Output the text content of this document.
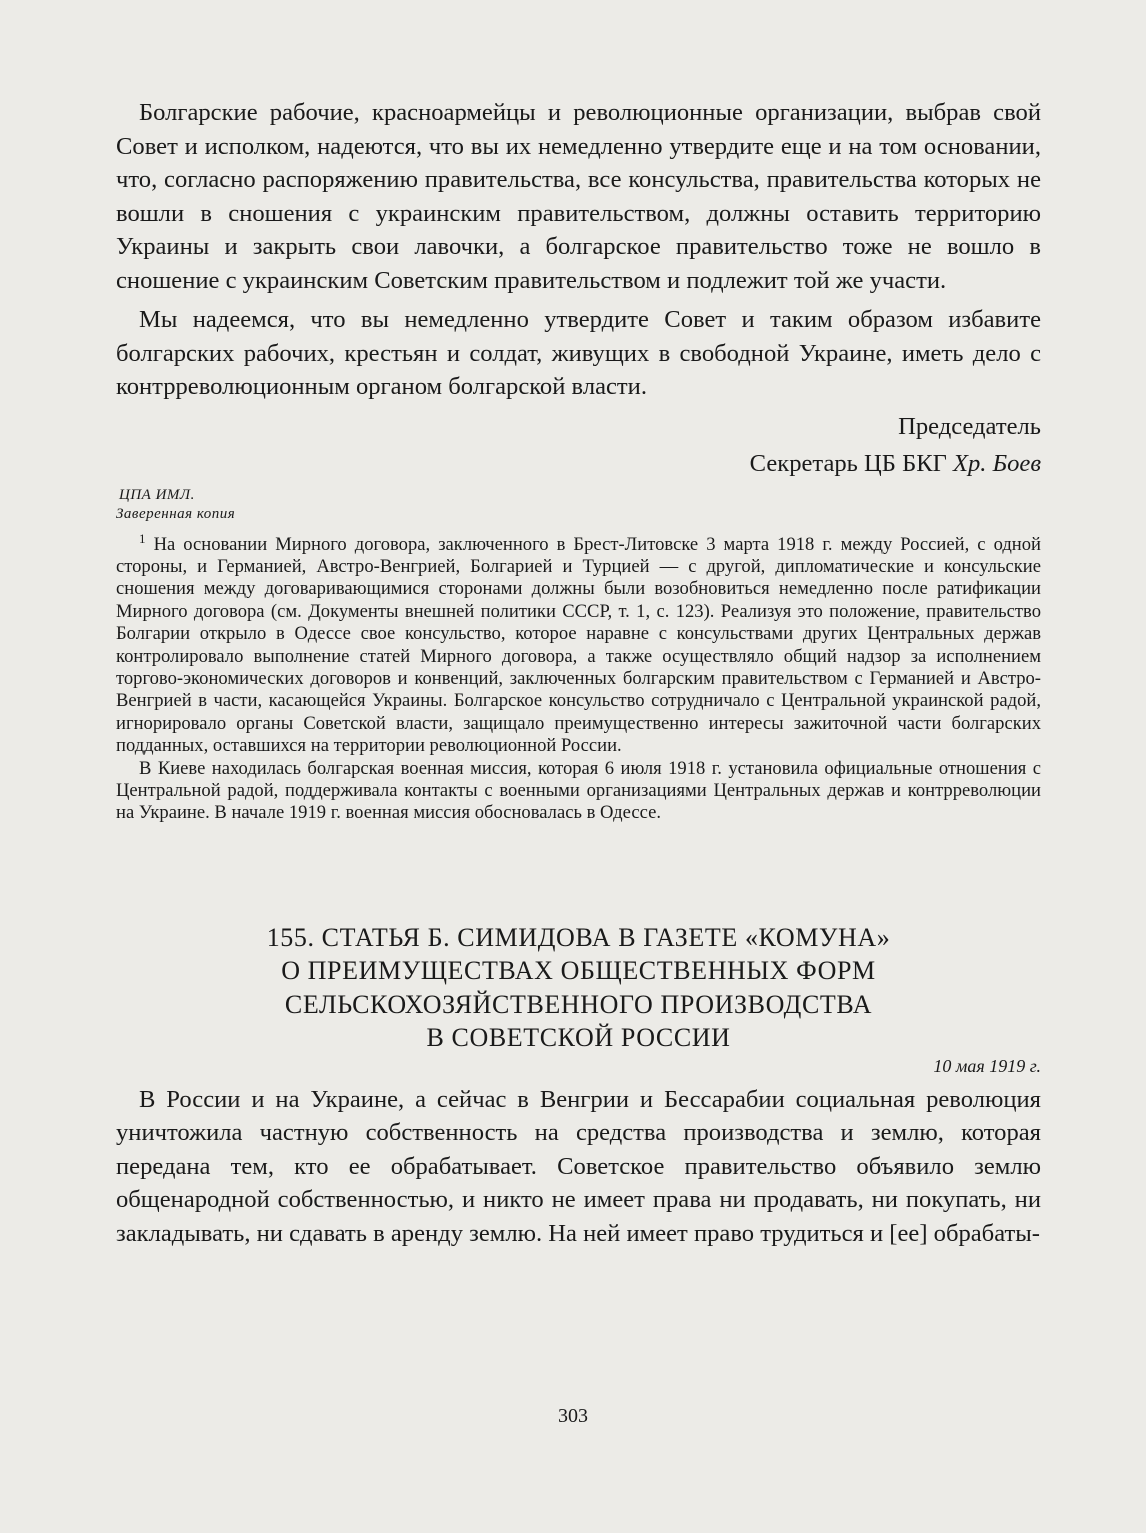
Болгарские рабочие, красноармейцы и революционные организации, выбрав свой Совет и исполком, надеются, что вы их немедленно утвердите еще и на том основании, что, согласно распоряжению правительства, все консульства, правительства которых не вошли в сношения с украинским правительством, должны оставить территорию Украины и закрыть свои лавочки, а болгарское правительство тоже не вошло в сношение с украинским Советским правительством и подлежит той же участи.

Мы надеемся, что вы немедленно утвердите Совет и таким образом избавите болгарских рабочих, крестьян и солдат, живущих в свободной Украине, иметь дело с контрреволюционным органом болгарской власти.

Председатель

Секретарь ЦБ БКГ Хр. Боев

ЦПА ИМЛ.
Заверенная копия

$^1$ На основании Мирного договора, заключенного в Брест-Литовске 3 марта 1918 г. между Россией, с одной стороны, и Германией, Австро-Венгрией, Болгарией и Турцией — с другой, дипломатические и консульские сношения между договаривающимися сторонами должны были возобновиться немедленно после ратификации Мирного договора (см. Документы внешней политики СССР, т. 1, с. 123). Реализуя это положение, правительство Болгарии открыло в Одессе свое консульство, которое наравне с консульствами других Центральных держав контролировало выполнение статей Мирного договора, а также осуществляло общий надзор за исполнением торгово-экономических договоров и конвенций, заключенных болгарским правительством с Германией и Австро-Венгрией в части, касающейся Украины. Болгарское консульство сотрудничало с Центральной украинской радой, игнорировало органы Советской власти, защищало преимущественно интересы зажиточной части болгарских подданных, оставшихся на территории революционной России.

В Киеве находилась болгарская военная миссия, которая 6 июля 1918 г. установила официальные отношения с Центральной радой, поддерживала контакты с военными организациями Центральных держав и контрреволюции на Украине. В начале 1919 г. военная миссия обосновалась в Одессе.

155. СТАТЬЯ Б. СИМИДОВА В ГАЗЕТЕ «КОМУНА»
О ПРЕИМУЩЕСТВАХ ОБЩЕСТВЕННЫХ ФОРМ
СЕЛЬСКОХОЗЯЙСТВЕННОГО ПРОИЗВОДСТВА
В СОВЕТСКОЙ РОССИИ

10 мая 1919 г.

В России и на Украине, а сейчас в Венгрии и Бессарабии социальная революция уничтожила частную собственность на средства производства и землю, которая передана тем, кто ее обрабатывает. Советское правительство объявило землю общенародной собственностью, и никто не имеет права ни продавать, ни покупать, ни закладывать, ни сдавать в аренду землю. На ней имеет право трудиться и [ее] обрабаты-

303
